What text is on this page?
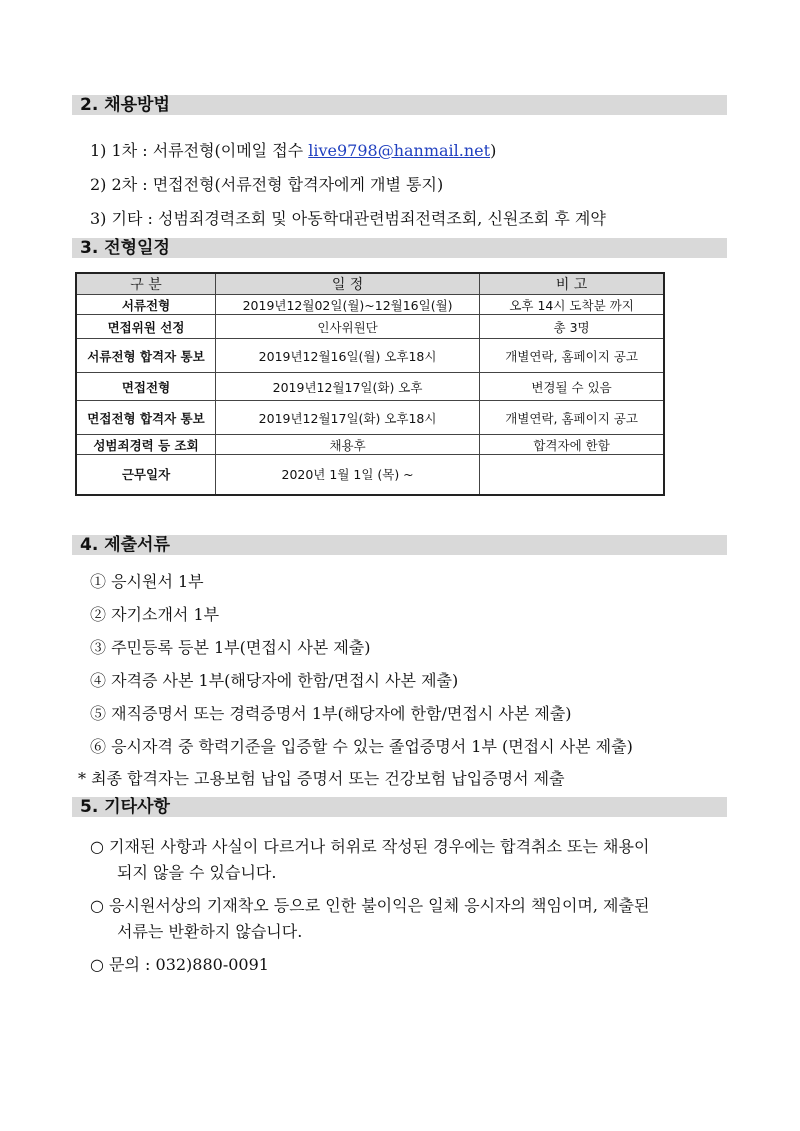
2. 채용방법
1) 1차 : 서류전형(이메일 접수 live9798@hanmail.net)
2) 2차 : 면접전형(서류전형 합격자에게 개별 통지)
3) 기타 : 성범죄경력조회 및 아동학대관련범죄전력조회, 신원조회 후 계약
3. 전형일정
구 분	일 정	비 고
서류전형	2019년12월02일(월)~12월16일(월)	오후 14시 도착분 까지
면접위원 선정	인사위원단	총 3명
서류전형 합격자 통보	2019년12월16일(월) 오후18시	개별연락, 홈페이지 공고
면접전형	2019년12월17일(화) 오후	변경될 수 있음
면접전형 합격자 통보	2019년12월17일(화) 오후18시	개별연락, 홈페이지 공고
성범죄경력 등 조회	채용후	합격자에 한함
근무일자	2020년 1월 1일 (목) ~	
4. 제출서류
① 응시원서 1부
② 자기소개서 1부
③ 주민등록 등본 1부(면접시 사본 제출)
④ 자격증 사본 1부(해당자에 한함/면접시 사본 제출)
⑤ 재직증명서 또는 경력증명서 1부(해당자에 한함/면접시 사본 제출)
⑥ 응시자격 중 학력기준을 입증할 수 있는 졸업증명서 1부 (면접시 사본 제출)
* 최종 합격자는 고용보험 납입 증명서 또는 건강보험 납입증명서 제출
5. 기타사항
○ 기재된 사항과 사실이 다르거나 허위로 작성된 경우에는 합격취소 또는 채용이
되지 않을 수 있습니다.
○ 응시원서상의 기재착오 등으로 인한 불이익은 일체 응시자의 책임이며, 제출된
서류는 반환하지 않습니다.
○ 문의 : 032)880-0091
